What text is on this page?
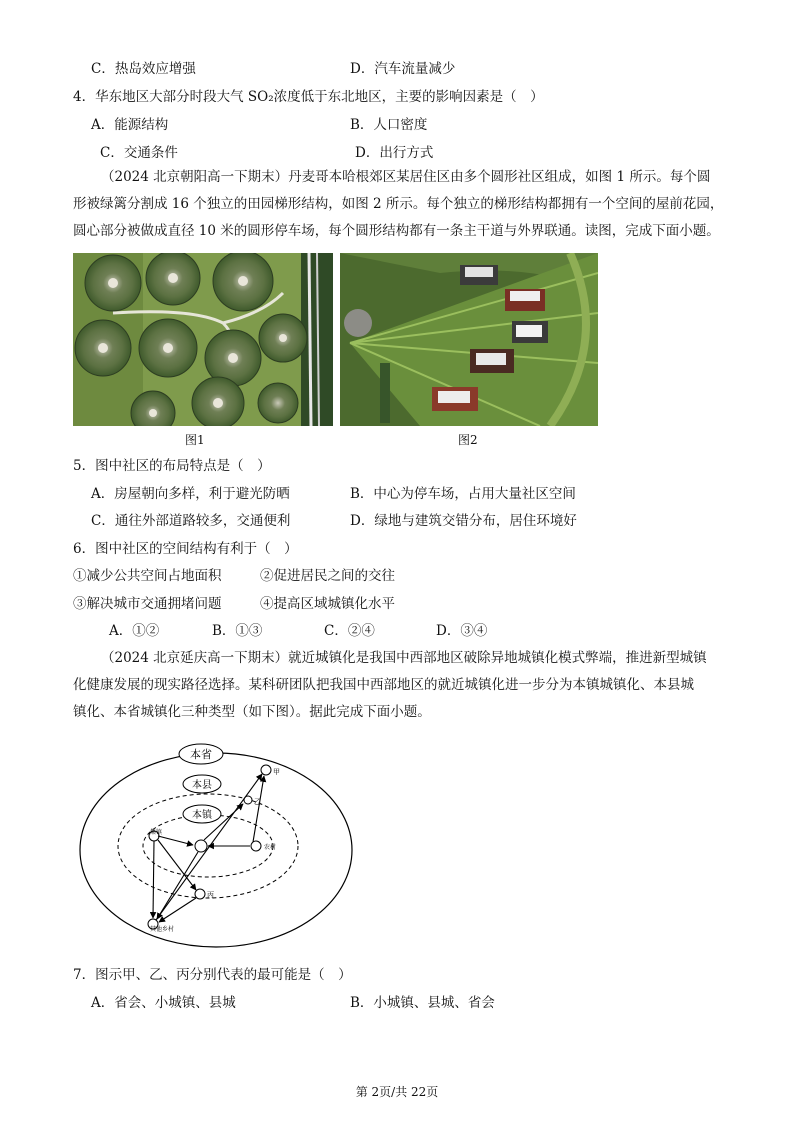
C．热岛效应增强	D．汽车流量减少
4．华东地区大部分时段大气 SO₂浓度低于东北地区，主要的影响因素是（　）
A．能源结构	B．人口密度
C．交通条件	D．出行方式
（2024 北京朝阳高一下期末）丹麦哥本哈根郊区某居住区由多个圆形社区组成，如图 1 所示。每个圆
形被绿篱分割成 16 个独立的田园梯形结构，如图 2 所示。每个独立的梯形结构都拥有一个空间的屋前花园，
圆心部分被做成直径 10 米的圆形停车场，每个圆形结构都有一条主干道与外界联通。读图，完成下面小题。
图1	图2
5．图中社区的布局特点是（　）
A．房屋朝向多样，利于避光防晒	B．中心为停车场，占用大量社区空间
C．通往外部道路较多，交通便利	D．绿地与建筑交错分布，居住环境好
6．图中社区的空间结构有利于（　）
①减少公共空间占地面积	②促进居民之间的交往
③解决城市交通拥堵问题	④提高区域城镇化水平
A．①②	B．①③	C．②④	D．③④
（2024 北京延庆高一下期末）就近城镇化是我国中西部地区破除异地城镇化模式弊端，推进新型城镇
化健康发展的现实路径选择。某科研团队把我国中西部地区的就近城镇化进一步分为本镇城镇化、本县城
镇化、本省城镇化三种类型（如下图）。据此完成下面小题。
本省
本县
本镇
甲
乙
集镇
农村
丙
其他乡村
7．图示甲、乙、丙分别代表的最可能是（　）
A．省会、小城镇、县城	B．小城镇、县城、省会
第 2页/共 22页
